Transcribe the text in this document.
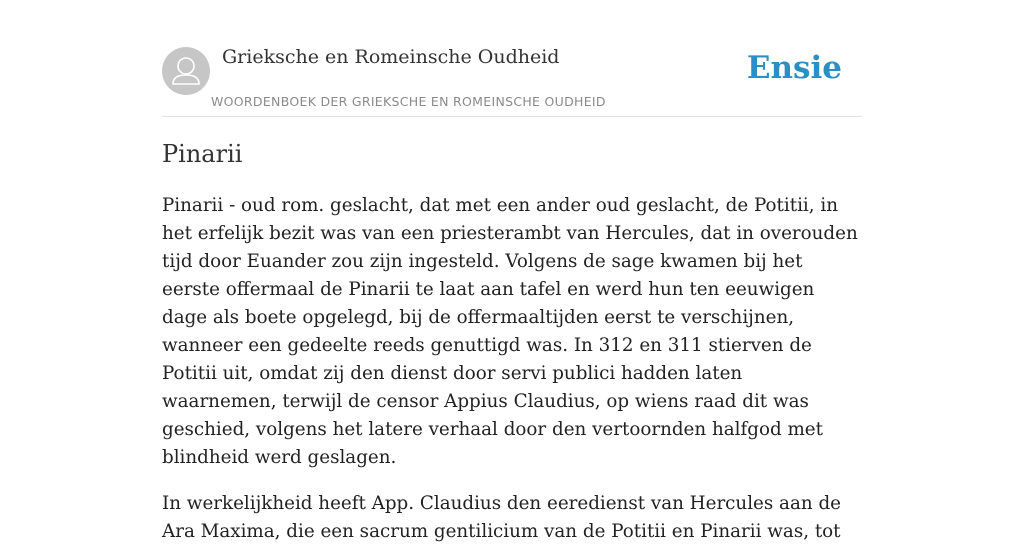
Grieksche en Romeinsche Oudheid
WOORDENBOEK DER GRIEKSCHE EN ROMEINSCHE OUDHEID
Ensie
Pinarii

Pinarii - oud rom. geslacht, dat met een ander oud geslacht, de Potitii, in het erfelijk bezit was van een priesterambt van Hercules, dat in overouden tijd door Euander zou zijn ingesteld. Volgens de sage kwamen bij het eerste offermaal de Pinarii te laat aan tafel en werd hun ten eeuwigen dage als boete opgelegd, bij de offermaaltijden eerst te verschijnen, wanneer een gedeelte reeds genuttigd was. In 312 en 311 stierven de Potitii uit, omdat zij den dienst door servi publici hadden laten waarnemen, terwijl de censor Appius Claudius, op wiens raad dit was geschied, volgens het latere verhaal door den vertoornden halfgod met blindheid werd geslagen.

In werkelijkheid heeft App. Claudius den eeredienst van Hercules aan de Ara Maxima, die een sacrum gentilicium van de Potitii en Pinarii was, tot
